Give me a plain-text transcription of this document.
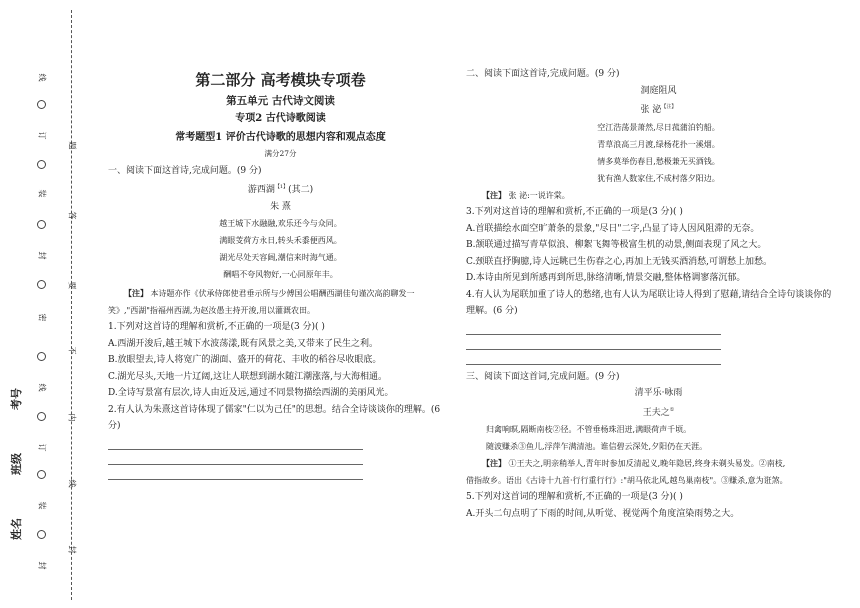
线
订
装
封
密
线
订
装
封
题
答
要
不
内
线
封
考号
班级
姓名
第二部分 高考模块专项卷
第五单元 古代诗文阅读
专项2 古代诗歌阅读
常考题型1 评价古代诗歌的思想内容和观点态度
满分27分

一、阅读下面这首诗,完成问题。(9 分)

游西湖$^{【1】}$(其二)
朱 熹

越王城下水融融,欢乐还今与众同。

满眼芰荷方永日,转头禾黍便西风。

湖光尽处天容阔,潮信来时海气通。

酬唱不夸风物好,一心同原年丰。

【注】 本诗题亦作《伏承侍郎使君垂示所与少傅国公唱酬西湖佳句谨次高韵聊发一

笑》,"西湖"指福州西湖,为赵汝愚主持开浚,用以灌溉农田。

1.下列对这首诗的理解和赏析,不正确的一项是(3 分)( )

A.西湖开浚后,越王城下水波荡漾,既有风景之美,又带来了民生之利。

B.放眼望去,诗人将宽广的湖面、盛开的荷花、丰收的稻谷尽收眼底。

C.湖光尽头,天地一片辽阔,这让人联想到湖水随江潮涨落,与大海相通。

D.全诗写景富有层次,诗人由近及远,通过不同景物描绘西湖的美丽风光。

2.有人认为朱熹这首诗体现了儒家"仁以为己任"的思想。结合全诗谈谈你的理解。(6 分)

二、阅读下面这首诗,完成问题。(9 分)

洞庭阻风
张 泌$^{【注】}$

空江浩荡景萧然,尽日菰蒲泊钓船。

青草浪高三月渡,绿杨花扑一溪烟。

情多莫举伤春目,愁极兼无买酒钱。

犹有渔人数家住,不成村落夕阳边。

【注】 张 泌:一说许棠。

3.下列对这首诗的理解和赏析,不正确的一项是(3 分)( )

A.首联描绘水面空旷萧条的景象,"尽日"二字,凸显了诗人因风阻滞的无奈。

B.颔联通过描写青草似浪、柳絮飞舞等极富生机的动景,侧面表现了风之大。

C.颈联直抒胸臆,诗人远眺已生伤春之心,再加上无钱买酒消愁,可谓愁上加愁。

D.本诗由所见到所感再到所思,脉络清晰,情景交融,整体格调寥落沉郁。

4.有人认为尾联加重了诗人的愁绪,也有人认为尾联让诗人得到了慰藉,请结合全诗句谈谈你的

理解。(6 分)

三、阅读下面这首词,完成问题。(9 分)

清平乐·咏雨
王夫之①

归禽响暝,隔断南枝②径。不管垂杨珠泪迸,满眼荷声千顷。

随波赚杀③鱼儿,浮萍乍满清池。谁信碧云深处,夕阳仍在天涯。

【注】 ①王夫之,明亲稍举人,青年时参加反清起义,晚年隐居,终身未剃头易发。②南枝,

借指故乡。语出《古诗十九首·行行重行行》:"胡马依北风,越鸟巢南枝"。③赚杀,意为诳煞。

5.下列对这首词的理解和赏析,不正确的一项是(3 分)( )

A.开头二句点明了下雨的时间,从听觉、视觉两个角度渲染雨势之大。
